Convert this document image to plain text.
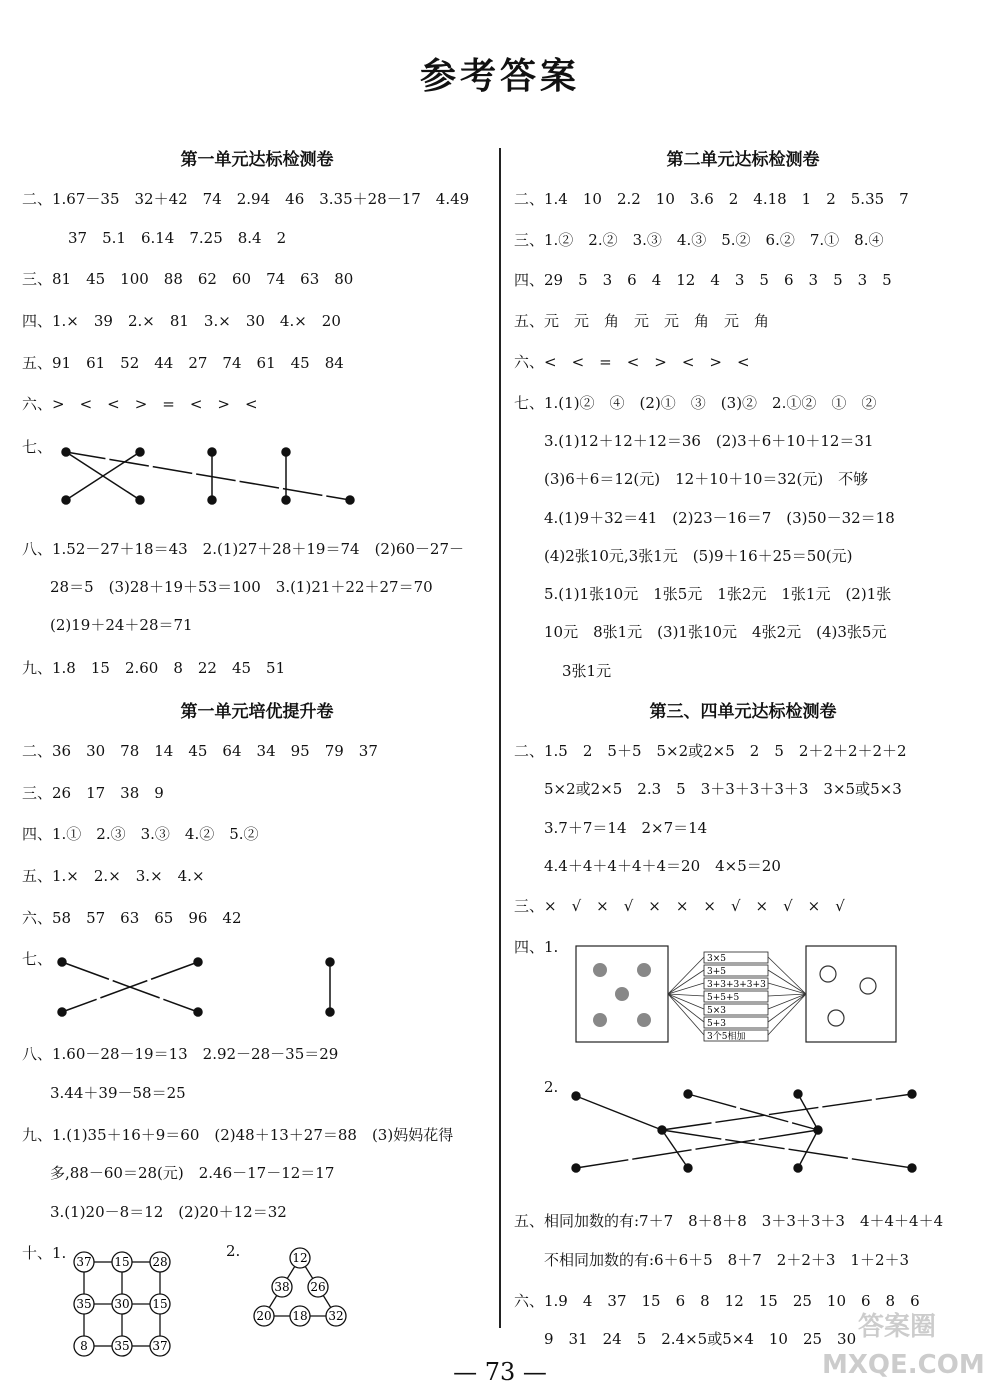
参考答案
第一单元达标检测卷
二、1.67－35　32＋42　74　2.94　46　3.35＋28－17　4.49
37　5.1　6.14　7.25　8.4　2
三、81　45　100　88　62　60　74　63　80
四、1.×　39　2.×　81　3.×　30　4.×　20
五、91　61　52　44　27　74　61　45　84
六、>　<　<　>　=　<　>　<
七、
八、1.52－27＋18＝43　2.(1)27＋28＋19＝74　(2)60－27－
28＝5　(3)28＋19＋53＝100　3.(1)21＋22＋27＝70
(2)19＋24＋28＝71
九、1.8　15　2.60　8　22　45　51
第一单元培优提升卷
二、36　30　78　14　45　64　34　95　79　37
三、26　17　38　9
四、1.①　2.③　3.③　4.②　5.②
五、1.×　2.×　3.×　4.×
六、58　57　63　65　96　42
七、
八、1.60－28－19＝13　2.92－28－35＝29
3.44＋39－58＝25
九、1.(1)35＋16＋9＝60　(2)48＋13＋27＝88　(3)妈妈花得
多,88－60＝28(元)　2.46－17－12＝17
3.(1)20－8＝12　(2)20＋12＝32
十、1.	2.
37 15 28
35 30 15
8 35 37
12
38 26
20 18 32
第二单元达标检测卷
二、1.4　10　2.2　10　3.6　2　4.18　1　2　5.35　7
三、1.②　2.②　3.③　4.③　5.②　6.②　7.①　8.④
四、29　5　3　6　4　12　4　3　5　6　3　5　3　5
五、元　元　角　元　元　角　元　角
六、<　<　=　<　>　<　>　<
七、1.(1)②　④　(2)①　③　(3)②　2.①②　①　②
3.(1)12＋12＋12＝36　(2)3＋6＋10＋12＝31
(3)6＋6＝12(元)　12＋10＋10＝32(元)　不够
4.(1)9＋32＝41　(2)23－16＝7　(3)50－32＝18
(4)2张10元,3张1元　(5)9＋16＋25＝50(元)
5.(1)1张10元　1张5元　1张2元　1张1元　(2)1张
10元　8张1元　(3)1张10元　4张2元　(4)3张5元
3张1元
第三、四单元达标检测卷
二、1.5　2　5＋5　5×2或2×5　2　5　2＋2＋2＋2＋2
5×2或2×5　2.3　5　3＋3＋3＋3＋3　3×5或5×3
3.7＋7＝14　2×7＝14
4.4＋4＋4＋4＋4＝20　4×5＝20
三、×　√　×　√　×　×　×　√　×　√　×　√
四、1.
3×5
3+5
3+3+3+3+3
5+5+5
5×3
5+3
3个5相加
2.
五、相同加数的有:7＋7　8＋8＋8　3＋3＋3＋3　4＋4＋4＋4
不相同加数的有:6＋6＋5　8＋7　2＋2＋3　1＋2＋3
六、1.9　4　37　15　6　8　12　15　25　10　6　8　6
9　31　24　5　2.4×5或5×4　10　25　30
— 73 —
答案圈 MXQE.COM
